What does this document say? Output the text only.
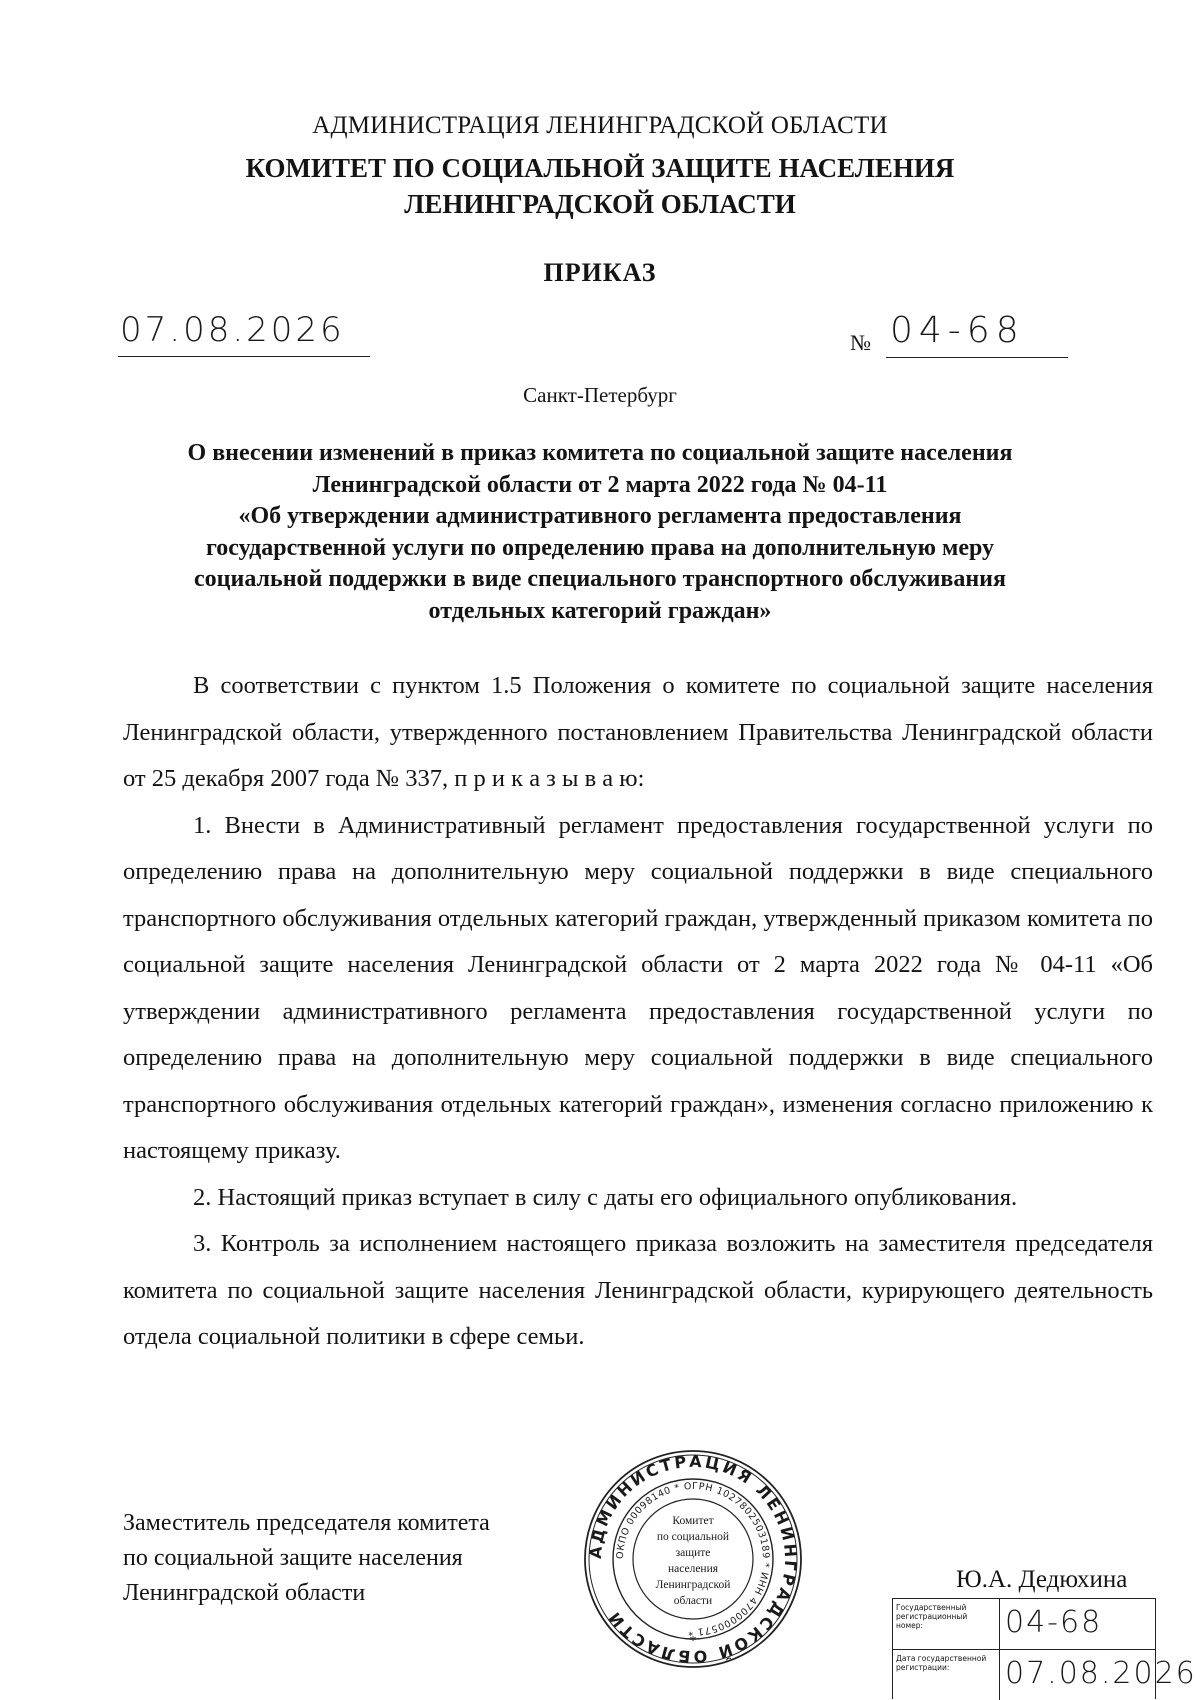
АДМИНИСТРАЦИЯ ЛЕНИНГРАДСКОЙ ОБЛАСТИ
КОМИТЕТ ПО СОЦИАЛЬНОЙ ЗАЩИТЕ НАСЕЛЕНИЯ
ЛЕНИНГРАДСКОЙ ОБЛАСТИ
ПРИКАЗ
07.08.2026	№ 04-68
Санкт-Петербург
О внесении изменений в приказ комитета по социальной защите населения
Ленинградской области от 2 марта 2022 года № 04-11
«Об утверждении административного регламента предоставления
государственной услуги по определению права на дополнительную меру
социальной поддержки в виде специального транспортного обслуживания
отдельных категорий граждан»

В соответствии с пунктом 1.5 Положения о комитете по социальной защите населения Ленинградской области, утвержденного постановлением Правительства Ленинградской области от 25 декабря 2007 года № 337, п р и к а з ы в а ю:

1. Внести в Административный регламент предоставления государственной услуги по определению права на дополнительную меру социальной поддержки в виде специального транспортного обслуживания отдельных категорий граждан, утвержденный приказом комитета по социальной защите населения Ленинградской области от 2 марта 2022 года № 04-11 «Об утверждении административного регламента предоставления государственной услуги по определению права на дополнительную меру социальной поддержки в виде специального транспортного обслуживания отдельных категорий граждан», изменения согласно приложению к настоящему приказу.

2. Настоящий приказ вступает в силу с даты его официального опубликования.

3. Контроль за исполнением настоящего приказа возложить на заместителя председателя комитета по социальной защите населения Ленинградской области, курирующего деятельность отдела социальной политики в сфере семьи.

Заместитель председателя комитета
по социальной защите населения
Ленинградской области
АДМИНИСТРАЦИЯ ЛЕНИНГРАДСКОЙ ОБЛАСТИ
ОКПО 00098140 * ОГРН 1027802503189 * ИНН 4700000571 *
Комитет
по социальной
защите
населения
Ленинградской
области
*
Ю.А. Дедюхина
Государственный регистрационный номер:	04-68
Дата государственной регистрации:	07.08.2026
